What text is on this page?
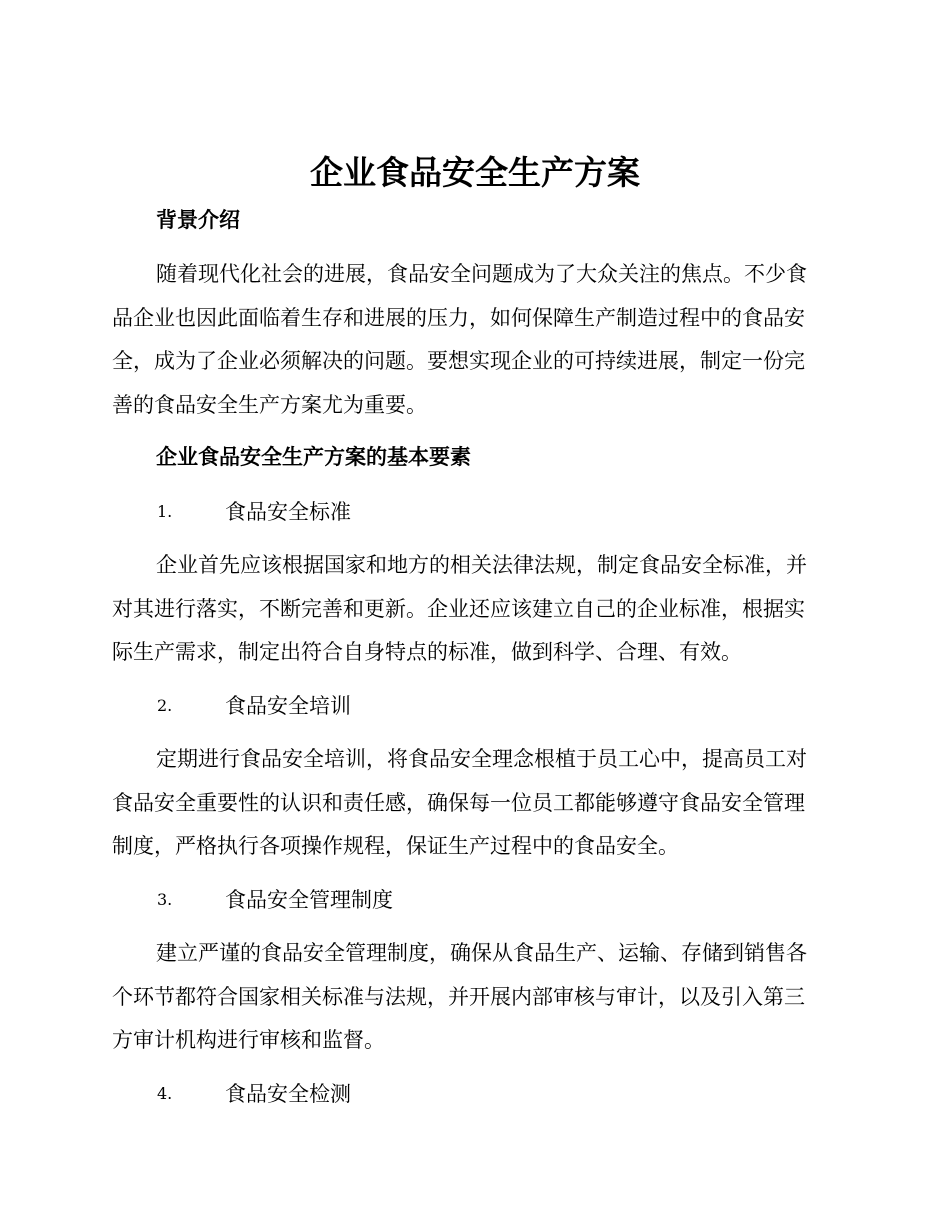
企业食品安全生产方案
背景介绍
随着现代化社会的进展，食品安全问题成为了大众关注的焦点。不少食
品企业也因此面临着生存和进展的压力，如何保障生产制造过程中的食品安
全，成为了企业必须解决的问题。要想实现企业的可持续进展，制定一份完
善的食品安全生产方案尤为重要。
企业食品安全生产方案的基本要素
1.	食品安全标准
企业首先应该根据国家和地方的相关法律法规，制定食品安全标准，并
对其进行落实，不断完善和更新。企业还应该建立自己的企业标准，根据实
际生产需求，制定出符合自身特点的标准，做到科学、合理、有效。
2.	食品安全培训
定期进行食品安全培训，将食品安全理念根植于员工心中，提高员工对
食品安全重要性的认识和责任感，确保每一位员工都能够遵守食品安全管理
制度，严格执行各项操作规程，保证生产过程中的食品安全。
3.	食品安全管理制度
建立严谨的食品安全管理制度，确保从食品生产、运输、存储到销售各
个环节都符合国家相关标准与法规，并开展内部审核与审计，以及引入第三
方审计机构进行审核和监督。
4.	食品安全检测
